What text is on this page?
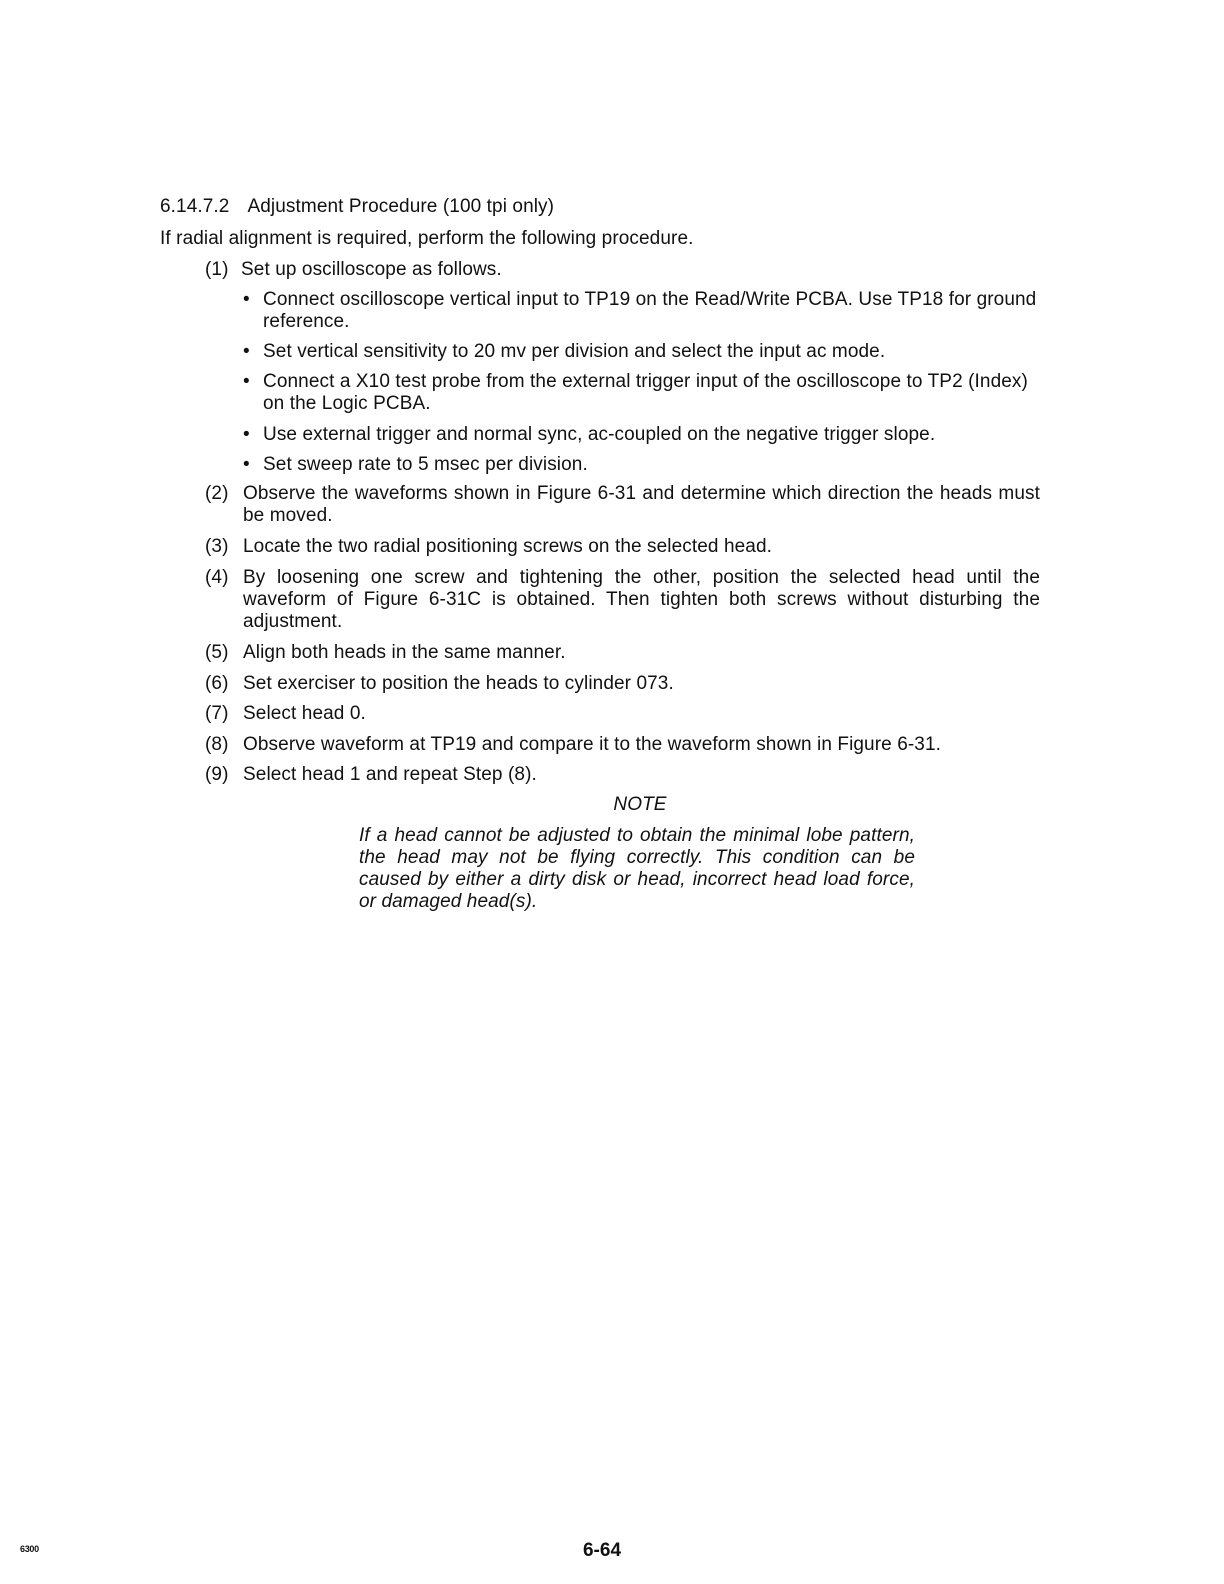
6.14.7.2 Adjustment Procedure (100 tpi only)
If radial alignment is required, perform the following procedure.
(1) Set up oscilloscope as follows.
• Connect oscilloscope vertical input to TP19 on the Read/Write PCBA. Use TP18 for ground reference.
• Set vertical sensitivity to 20 mv per division and select the input ac mode.
• Connect a X10 test probe from the external trigger input of the oscilloscope to TP2 (Index) on the Logic PCBA.
• Use external trigger and normal sync, ac-coupled on the negative trigger slope.
• Set sweep rate to 5 msec per division.
(2) Observe the waveforms shown in Figure 6-31 and determine which direction the heads must be moved.
(3) Locate the two radial positioning screws on the selected head.
(4) By loosening one screw and tightening the other, position the selected head until the waveform of Figure 6-31C is obtained. Then tighten both screws without disturbing the adjustment.
(5) Align both heads in the same manner.
(6) Set exerciser to position the heads to cylinder 073.
(7) Select head 0.
(8) Observe waveform at TP19 and compare it to the waveform shown in Figure 6-31.
(9) Select head 1 and repeat Step (8).
NOTE
If a head cannot be adjusted to obtain the minimal lobe pattern, the head may not be flying correctly. This condition can be caused by either a dirty disk or head, incorrect head load force, or damaged head(s).
6-64
6300
